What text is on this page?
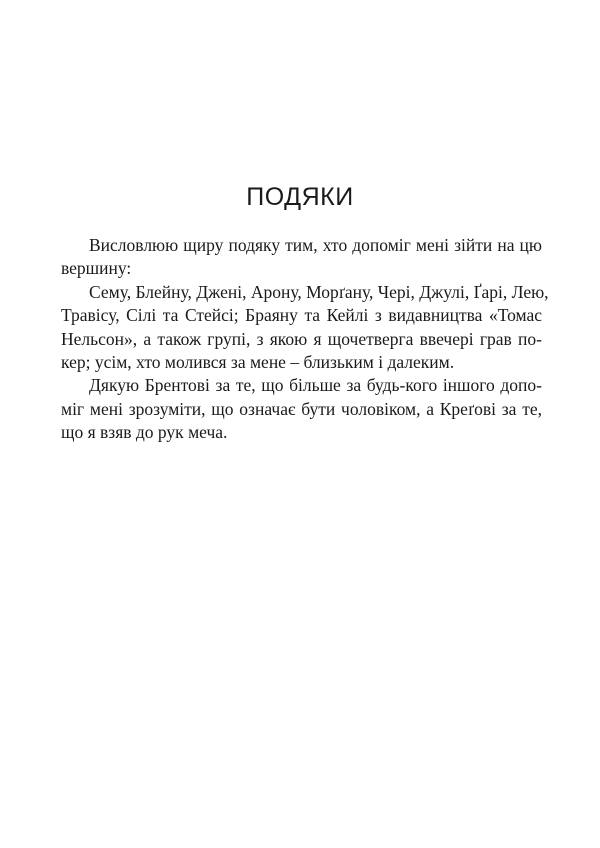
ПОДЯКИ
Висловлюю щиру подяку тим, хто допоміг мені зійти на цю
вершину:
Сему, Блейну, Джені, Арону, Морґану, Чері, Джулі, Ґарі, Лею,
Травісу, Сілі та Стейсі; Браяну та Кейлі з видавництва «Томас
Нельсон», а також групі, з якою я щочетверга ввечері грав по-
кер; усім, хто молився за мене – близьким і далеким.
Дякую Брентові за те, що більше за будь-кого іншого допо-
міг мені зрозуміти, що означає бути чоловіком, а Креґові за те,
що я взяв до рук меча.
